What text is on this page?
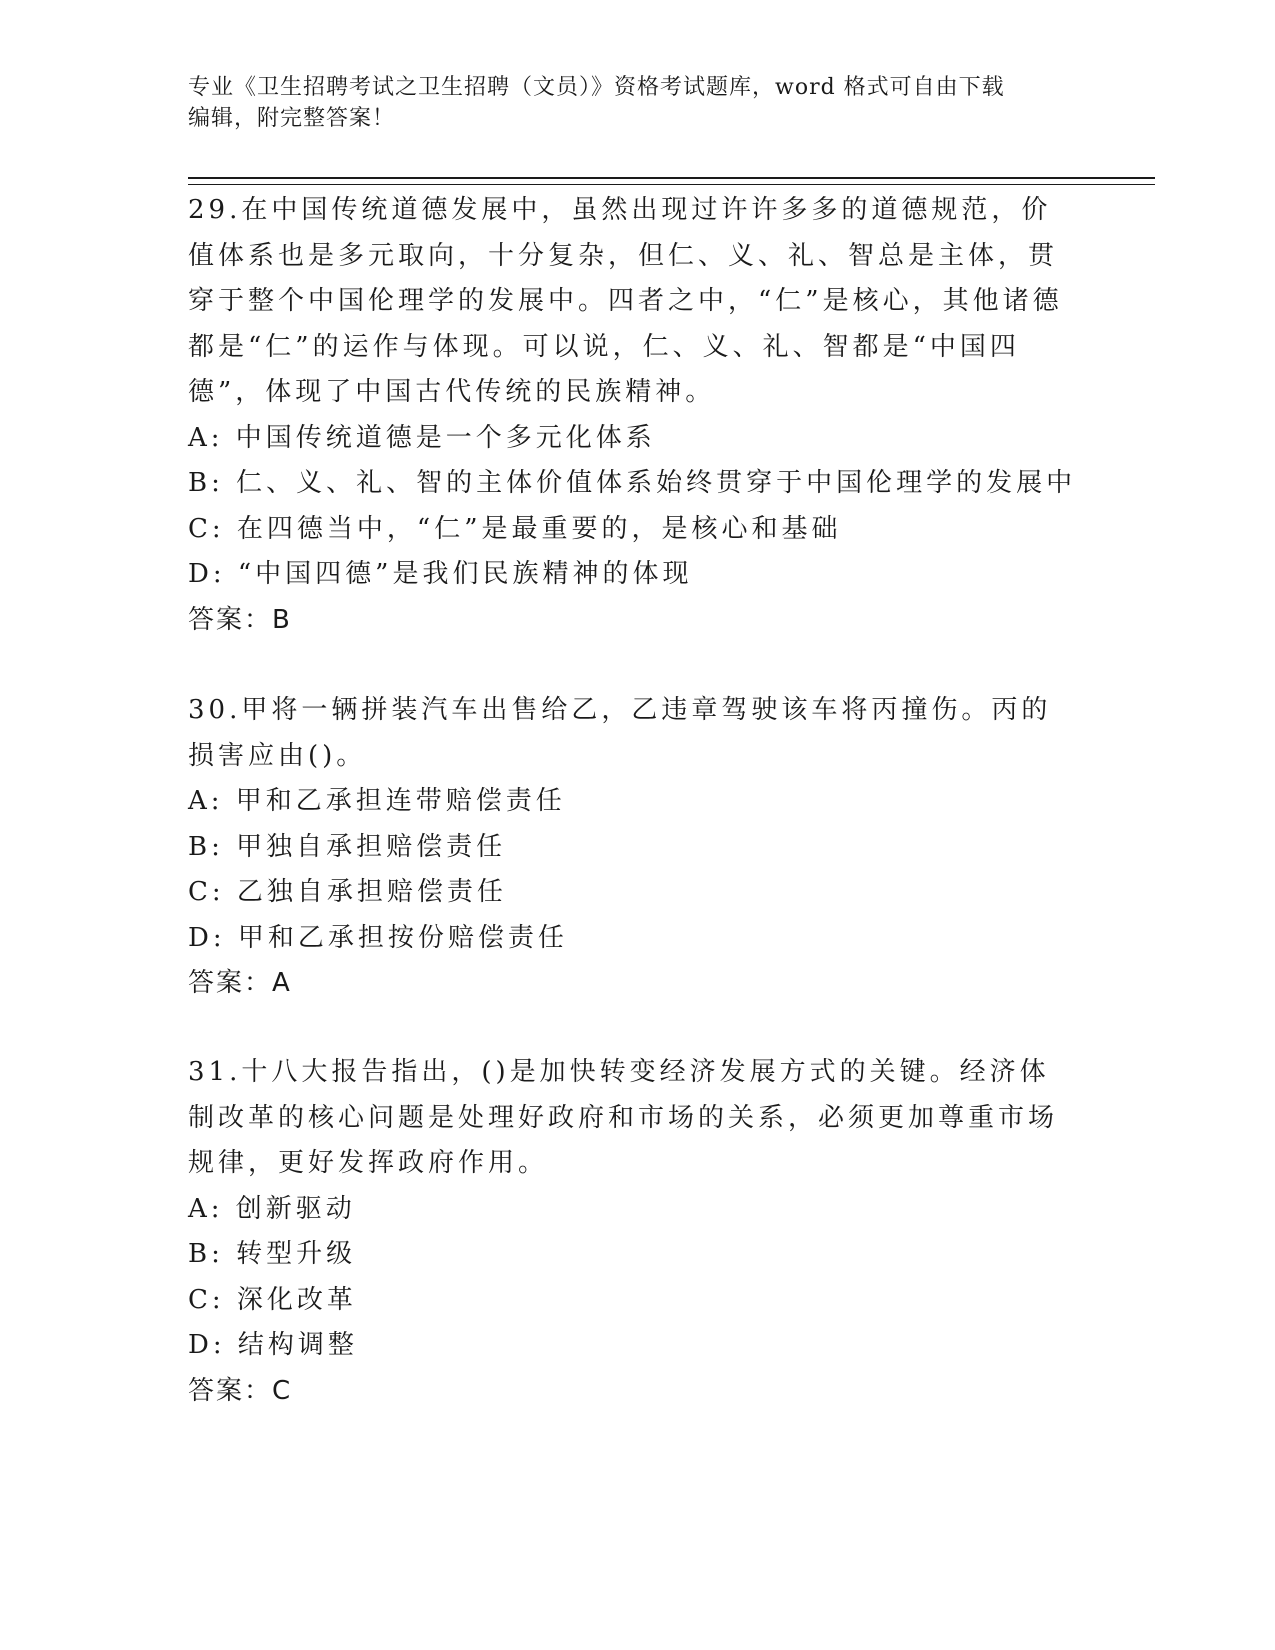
专业《卫生招聘考试之卫生招聘（文员）》资格考试题库，word 格式可自由下载
编辑，附完整答案！
29.在中国传统道德发展中，虽然出现过许许多多的道德规范，价值体系也是多元取向，十分复杂，但仁、义、礼、智总是主体，贯穿于整个中国伦理学的发展中。四者之中，“仁”是核心，其他诸德都是“仁”的运作与体现。可以说，仁、义、礼、智都是“中国四德”，体现了中国古代传统的民族精神。
A: 中国传统道德是一个多元化体系
B: 仁、义、礼、智的主体价值体系始终贯穿于中国伦理学的发展中
C: 在四德当中，“仁”是最重要的，是核心和基础
D: “中国四德”是我们民族精神的体现
答案：B
30.甲将一辆拼装汽车出售给乙，乙违章驾驶该车将丙撞伤。丙的损害应由()。
A: 甲和乙承担连带赔偿责任
B: 甲独自承担赔偿责任
C: 乙独自承担赔偿责任
D: 甲和乙承担按份赔偿责任
答案：A
31.十八大报告指出，()是加快转变经济发展方式的关键。经济体制改革的核心问题是处理好政府和市场的关系，必须更加尊重市场规律，更好发挥政府作用。
A: 创新驱动
B: 转型升级
C: 深化改革
D: 结构调整
答案：C
